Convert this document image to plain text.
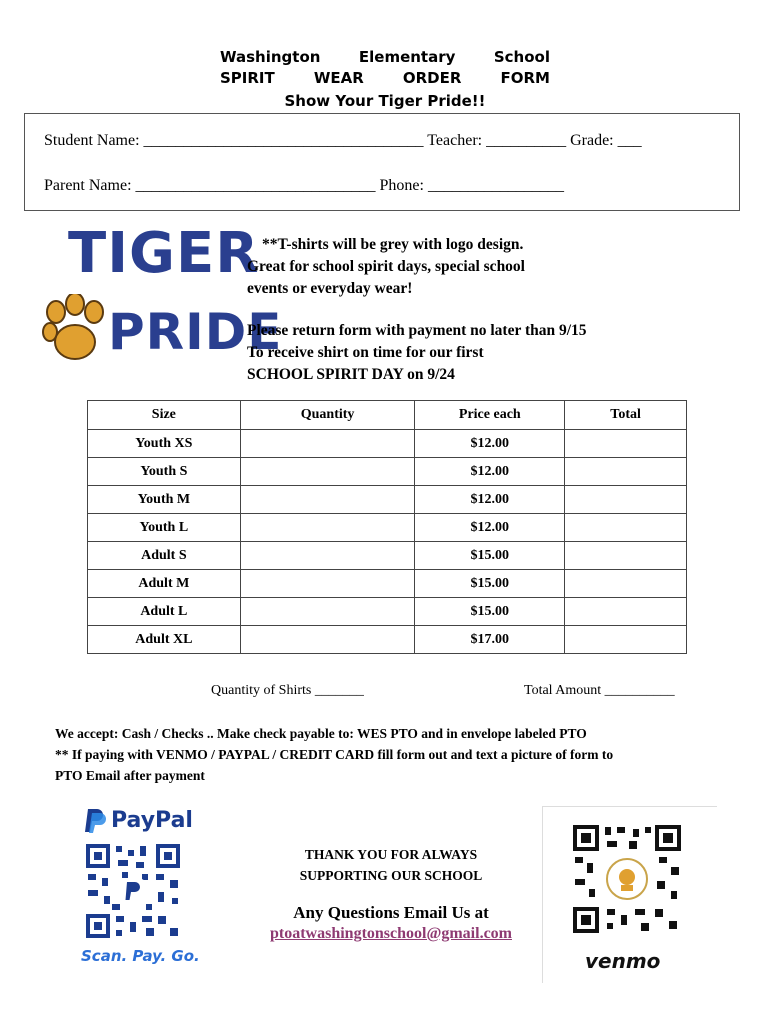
Washington	Elementary	School
SPIRIT	WEAR	ORDER	FORM
Show Your Tiger Pride!!
Student Name: ___________________________________ Teacher: __________ Grade: ___
Parent Name: ______________________________ Phone: _________________
TIGER
PRIDE
**T-shirts will be grey with logo design.
Great for school spirit days, special school
events or everyday wear!
Please return form with payment no later than 9/15
To receive shirt on time for our first
SCHOOL SPIRIT DAY on 9/24
Size	Quantity	Price each	Total
Youth XS		$12.00	
Youth S		$12.00	
Youth M		$12.00	
Youth L		$12.00	
Adult S		$15.00	
Adult M		$15.00	
Adult L		$15.00	
Adult XL		$17.00	
Quantity of Shirts _______	Total Amount __________
We accept: Cash / Checks .. Make check payable to: WES PTO and in envelope labeled PTO
** If paying with VENMO / PAYPAL / CREDIT CARD fill form out and text a picture of form to
PTO Email after payment
PayPal
Scan. Pay. Go.
THANK YOU FOR ALWAYS
SUPPORTING OUR SCHOOL
Any Questions Email Us at
ptoatwashingtonschool@gmail.com
venmo
